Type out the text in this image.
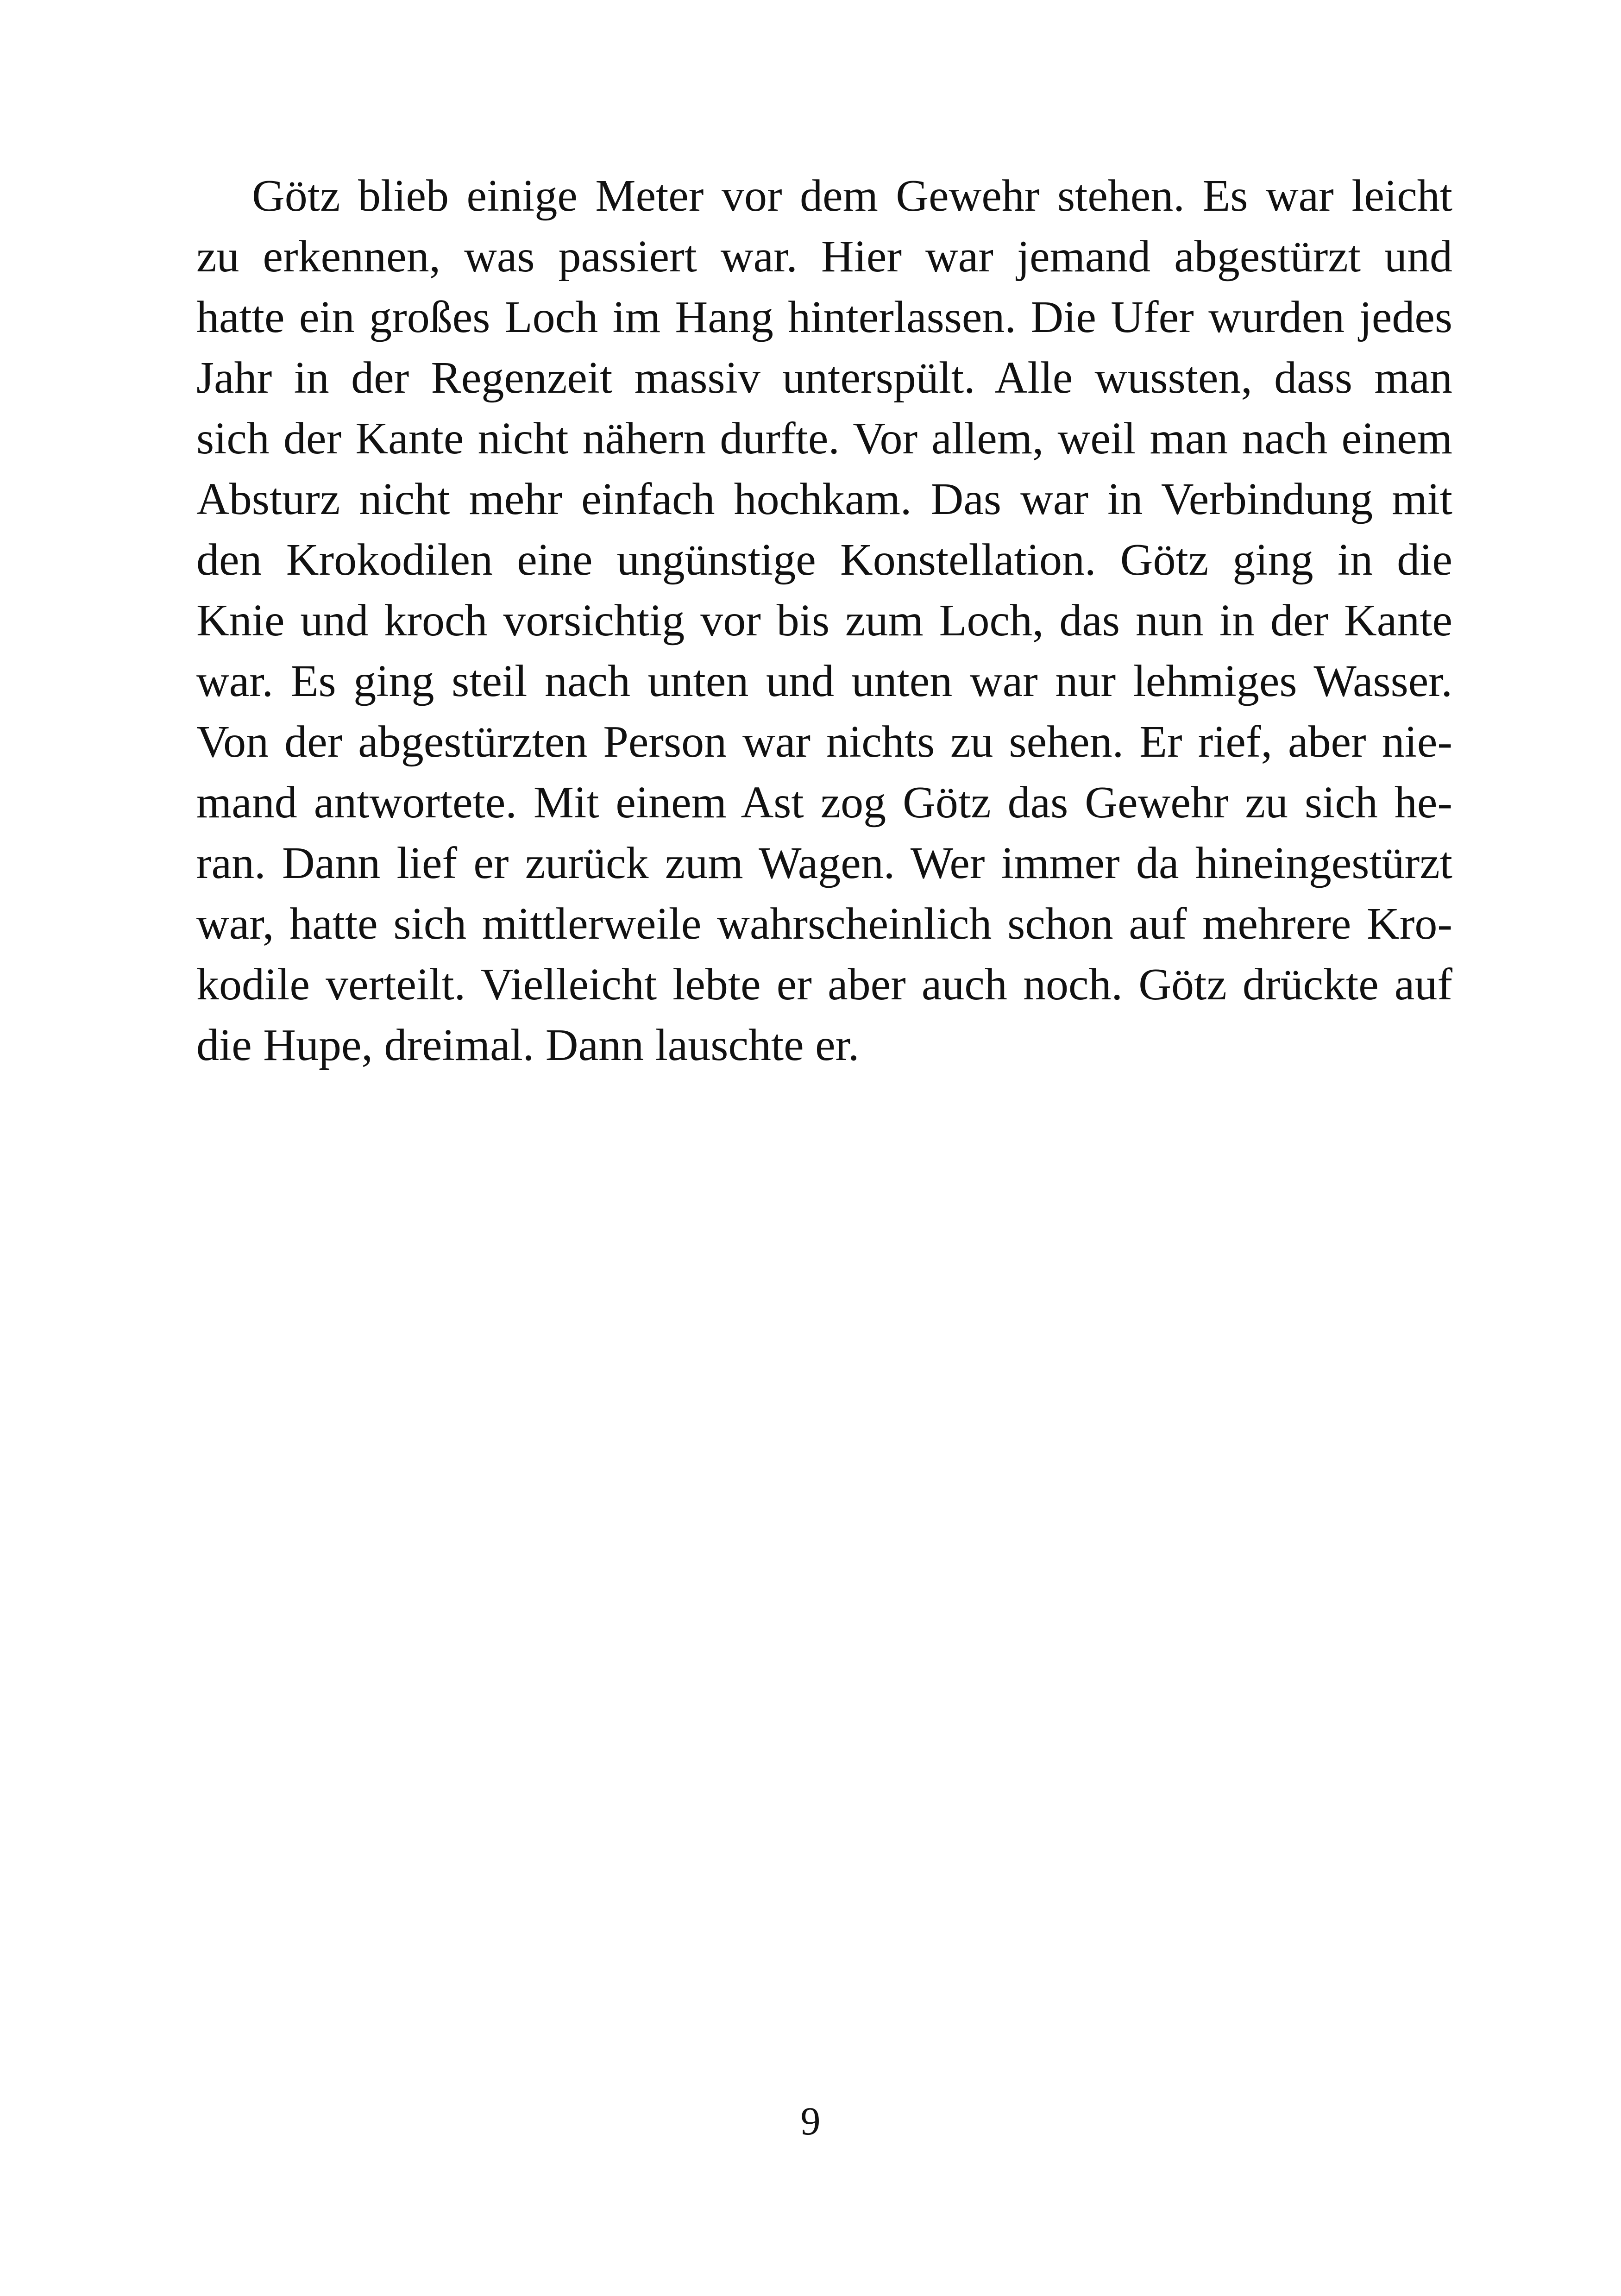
Götz blieb einige Meter vor dem Gewehr stehen. Es war leicht
zu erkennen, was passiert war. Hier war jemand abgestürzt und
hatte ein großes Loch im Hang hinterlassen. Die Ufer wurden jedes
Jahr in der Regenzeit massiv unterspült. Alle wussten, dass man
sich der Kante nicht nähern durfte. Vor allem, weil man nach einem
Absturz nicht mehr einfach hochkam. Das war in Verbindung mit
den Krokodilen eine ungünstige Konstellation. Götz ging in die
Knie und kroch vorsichtig vor bis zum Loch, das nun in der Kante
war. Es ging steil nach unten und unten war nur lehmiges Wasser.
Von der abgestürzten Person war nichts zu sehen. Er rief, aber nie-
mand antwortete. Mit einem Ast zog Götz das Gewehr zu sich he-
ran. Dann lief er zurück zum Wagen. Wer immer da hineingestürzt
war, hatte sich mittlerweile wahrscheinlich schon auf mehrere Kro-
kodile verteilt. Vielleicht lebte er aber auch noch. Götz drückte auf
die Hupe, dreimal. Dann lauschte er.
9
